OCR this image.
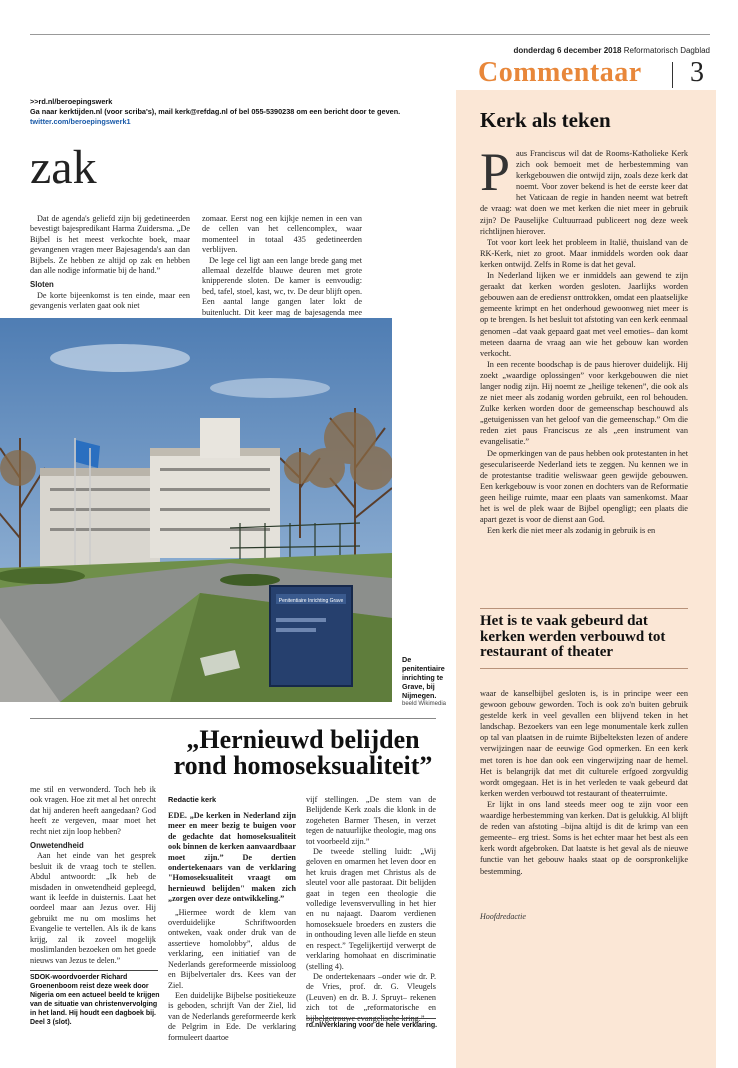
donderdag 6 december 2018 Reformatorisch Dagblad
Commentaar 3
>>rd.nl/beroepingswerk
Ga naar kerktijden.nl (voor scriba's), mail kerk@refdag.nl of bel 055-5390238 om een bericht door te geven.
twitter.com/beroepingswerk1
zak

Dat de agenda's geliefd zijn bij gedetineerden bevestigt bajespredikant Harma Zuidersma. „De Bijbel is het meest verkochte boek, maar gevangenen vragen meer Bajesagenda's aan dan Bijbels. Ze hebben ze altijd op zak en hebben dan alle nodige informatie bij de hand.”

Sloten

De korte bijeenkomst is ten einde, maar een gevangenis verlaten gaat ook niet

zomaar. Eerst nog een kijkje nemen in een van de cellen van het cellencomplex, waar momenteel in totaal 435 gedetineerden verblijven.

De lege cel ligt aan een lange brede gang met allemaal dezelfde blauwe deuren met grote knipperende sloten. De kamer is eenvoudig: bed, tafel, stoel, kast, wc, tv. De deur blijft open. Een aantal lange gangen later lokt de buitenlucht. Dit keer mag de bajesagenda mee

Penitentiaire Inrichting Grave
De penitentiaire inrichting te Grave, bij Nijmegen.
beeld Wikimedia

me stil en verwonderd. Toch heb ik ook vragen. Hoe zit met al het onrecht dat hij anderen heeft aangedaan? God heeft ze vergeven, maar moet het recht niet zijn loop hebben?

Onwetendheid

Aan het einde van het gesprek besluit ik de vraag toch te stellen. Abdul antwoordt: „Ik heb de misdaden in onwetendheid gepleegd, want ik leefde in duisternis. Laat het oordeel maar aan Jezus over. Hij gebruikt me nu om moslims het Evangelie te vertellen. Als ik de kans krijg, zal ik zoveel mogelijk moslimlanden bezoeken om het goede nieuws van Jezus te delen.”

SDOK-woordvoerder Richard Groenenboom reist deze week door Nigeria om een actueel beeld te krijgen van de situatie van christenvervolging in het land. Hij houdt een dagboek bij. Deel 3 (slot).
„Hernieuwd belijden rond homoseksualiteit”
Redactie kerk

EDE. „De kerken in Nederland zijn meer en meer bezig te buigen voor de gedachte dat homoseksualiteit ook binnen de kerken aanvaardbaar moet zijn.” De dertien ondertekenaars van de verklaring "Homoseksualiteit vraagt om hernieuwd belijden" maken zich „zorgen over deze ontwikkeling.”

„Hiermee wordt de klem van overduidelijke Schriftwoorden ontweken, vaak onder druk van de assertieve homolobby”, aldus de verklaring, een initiatief van de Nederlands gereformeerde missioloog en Bijbelvertaler drs. Kees van der Ziel.

Een duidelijke Bijbelse positiekeuze is geboden, schrijft Van der Ziel, lid van de Nederlands gereformeerde kerk de Pelgrim in Ede. De verklaring formuleert daartoe

vijf stellingen. „De stem van de Belijdende Kerk zoals die klonk in de zogeheten Barmer Thesen, in verzet tegen de natuurlijke theologie, mag ons tot voorbeeld zijn.”

De tweede stelling luidt: „Wij geloven en omarmen het leven door en het kruis dragen met Christus als de sleutel voor alle pastoraat. Dit belijden gaat in tegen een theologie die volledige levensvervulling in het hier en nu najaagt. Daarom verdienen homoseksuele broeders en zusters die in onthouding leven alle liefde en steun en respect.” Tegelijkertijd verwerpt de verklaring homohaat en discriminatie (stelling 4).

De ondertekenaars –onder wie dr. P. de Vries, prof. dr. G. Vleugels (Leuven) en dr. B. J. Spruyt– rekenen zich tot de „reformatorische en bijbelgetrouwe evangelische kring.”

rd.nl/verklaring voor de hele verklaring.
Kerk als teken

Paus Franciscus wil dat de Rooms-Katholieke Kerk zich ook bemoeit met de herbestemming van kerkgebouwen die ontwijd zijn, zoals deze kerk dat noemt. Voor zover bekend is het de eerste keer dat het Vaticaan de regie in handen neemt wat betreft de vraag: wat doen we met kerken die niet meer in gebruik zijn? De Pauselijke Cultuurraad publiceert nog deze week richtlijnen hierover.

Tot voor kort leek het probleem in Italië, thuisland van de RK-Kerk, niet zo groot. Maar inmiddels worden ook daar kerken ontwijd. Zelfs in Rome is dat het geval.

In Nederland lijken we er inmiddels aan gewend te zijn geraakt dat kerken worden gesloten. Jaarlijks worden gebouwen aan de erediensт onttrokken, omdat een plaatselijke gemeente krimpt en het onderhoud gewoonweg niet meer is op te brengen. Is het besluit tot afstoting van een kerk eenmaal genomen –dat vaak gepaard gaat met veel emoties– dan komt meteen daarna de vraag aan wie het gebouw kan worden verkocht.

In een recente boodschap is de paus hierover duidelijk. Hij zoekt „waardige oplossingen” voor kerkgebouwen die niet langer nodig zijn. Hij noemt ze „heilige tekenen”, die ook als ze niet meer als zodanig worden gebruikt, een rol behouden. Zulke kerken worden door de gemeenschap beschouwd als „getuigenissen van het geloof van die gemeenschap.” Om die reden ziet paus Franciscus ze als „een instrument van evangelisatie.”

De opmerkingen van de paus hebben ook protestanten in het geseculariseerde Nederland iets te zeggen. Nu kennen we in de protestantse traditie weliswaar geen gewijde gebouwen. Een kerkgebouw is voor zonen en dochters van de Reformatie geen heilige ruimte, maar een plaats van samenkomst. Maar het is wel de plek waar de Bijbel opengligt; een plaats die apart gezet is voor de dienst aan God.

Een kerk die niet meer als zodanig in gebruik is en

Het is te vaak gebeurd dat kerken werden verbouwd tot restaurant of theater

waar de kanselbijbel gesloten is, is in principe weer een gewoon gebouw geworden. Toch is ook zo'n buiten gebruik gestelde kerk in veel gevallen een blijvend teken in het landschap. Bezoekers van een lege monumentale kerk zullen op tal van plaatsen in de ruimte Bijbelteksten lezen of andere verwijzingen naar de eeuwige God opmerken. En een kerk met toren is hoe dan ook een vingerwijzing naar de hemel. Het is belangrijk dat met dit culturele erfgoed zorgvuldig wordt omgegaan. Het is in het verleden te vaak gebeurd dat kerken werden verbouwd tot restaurant of theaterruimte.

Er lijkt in ons land steeds meer oog te zijn voor een waardige herbestemming van kerken. Dat is gelukkig. Al blijft de reden van afstoting –bijna altijd is dit de krimp van een gemeente– erg triest. Soms is het echter maar het best als een kerk wordt afgebroken. Dat laatste is het geval als de nieuwe functie van het gebouw haaks staat op de oorspronkelijke bestemming.

Hoofdredactie
